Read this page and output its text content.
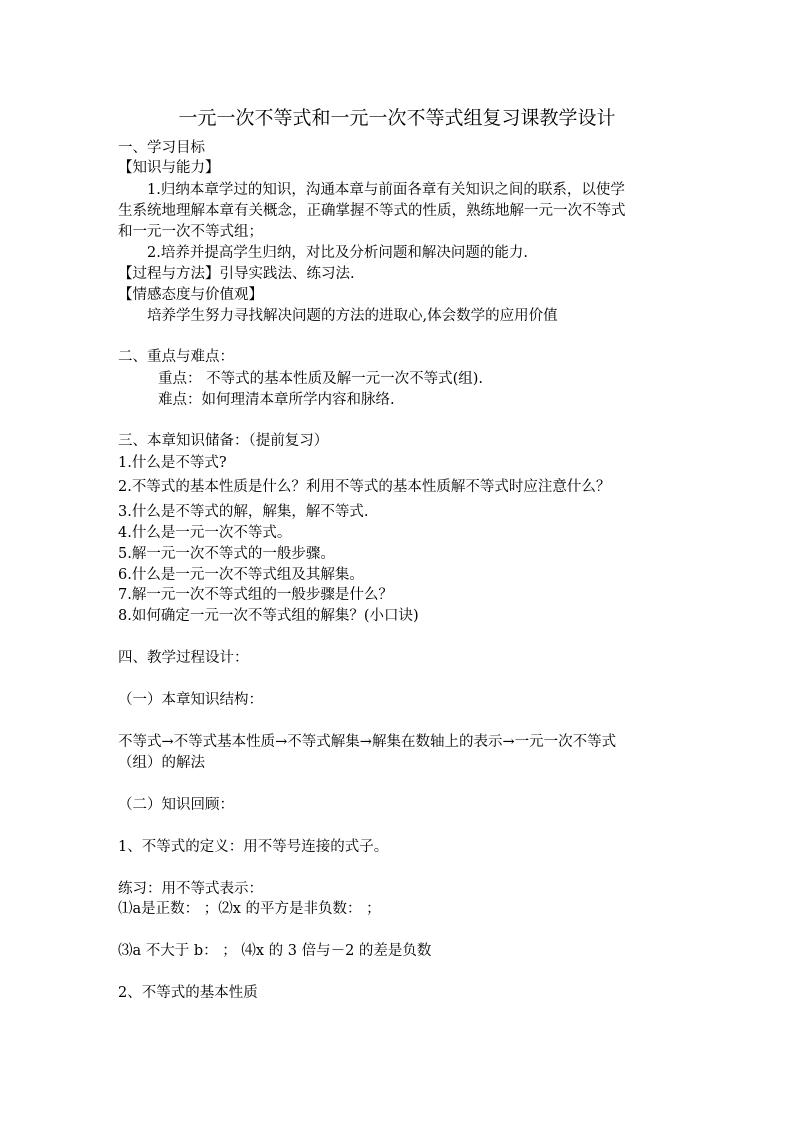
一元一次不等式和一元一次不等式组复习课教学设计
一、学习目标
【知识与能力】
1.归纳本章学过的知识，沟通本章与前面各章有关知识之间的联系，以使学
生系统地理解本章有关概念，正确掌握不等式的性质，熟练地解一元一次不等式
和一元一次不等式组；
2.培养并提高学生归纳，对比及分析问题和解决问题的能力.
【过程与方法】引导实践法、练习法.
【情感态度与价值观】
培养学生努力寻找解决问题的方法的进取心,体会数学的应用价值
二、重点与难点：
重点： 不等式的基本性质及解一元一次不等式(组).
难点：如何理清本章所学内容和脉络.
三、本章知识储备：（提前复习）
1.什么是不等式?
2.不等式的基本性质是什么？利用不等式的基本性质解不等式时应注意什么？
3.什么是不等式的解，解集，解不等式.
4.什么是一元一次不等式。
5.解一元一次不等式的一般步骤。
6.什么是一元一次不等式组及其解集。
7.解一元一次不等式组的一般步骤是什么？
8.如何确定一元一次不等式组的解集？(小口诀)
四、教学过程设计：
（一）本章知识结构：
不等式→不等式基本性质→不等式解集→解集在数轴上的表示→一元一次不等式
（组）的解法
（二）知识回顾：
1、不等式的定义：用不等号连接的式子。
练习：用不等式表示：
⑴a是正数： ；⑵x 的平方是非负数： ；
⑶a 不大于 b： ； ⑷x 的 3 倍与－2 的差是负数
2、不等式的基本性质
